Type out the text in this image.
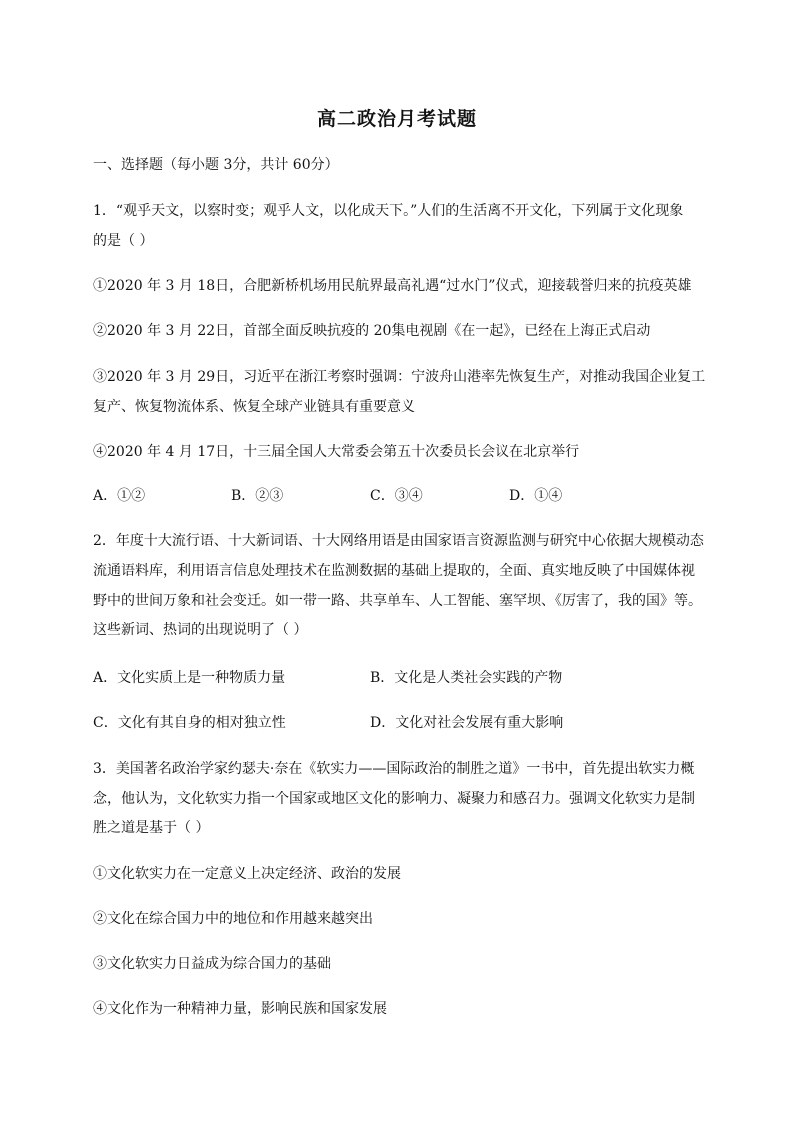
高二政治月考试题
一、选择题（每小题 3分，共计 60分）
1．“观乎天文，以察时变；观乎人文，以化成天下。”人们的生活离不开文化，下列属于文化现象
的是（ ）
①2020 年 3 月 18日，合肥新桥机场用民航界最高礼遇“过水门”仪式，迎接载誉归来的抗疫英雄
②2020 年 3 月 22日，首部全面反映抗疫的 20集电视剧《在一起》，已经在上海正式启动
③2020 年 3 月 29日，习近平在浙江考察时强调：宁波舟山港率先恢复生产，对推动我国企业复工
复产、恢复物流体系、恢复全球产业链具有重要意义
④2020 年 4 月 17日，十三届全国人大常委会第五十次委员长会议在北京举行
A．①②	B．②③	C．③④	D．①④
2．年度十大流行语、十大新词语、十大网络用语是由国家语言资源监测与研究中心依据大规模动态
流通语料库，利用语言信息处理技术在监测数据的基础上提取的，全面、真实地反映了中国媒体视
野中的世间万象和社会变迁。如一带一路、共享单车、人工智能、塞罕坝、《厉害了，我的国》等。
这些新词、热词的出现说明了（ ）
A．文化实质上是一种物质力量	B．文化是人类社会实践的产物
C．文化有其自身的相对独立性	D．文化对社会发展有重大影响
3．美国著名政治学家约瑟夫·奈在《软实力——国际政治的制胜之道》一书中，首先提出软实力概
念，他认为，文化软实力指一个国家或地区文化的影响力、凝聚力和感召力。强调文化软实力是制
胜之道是基于（ ）
①文化软实力在一定意义上决定经济、政治的发展
②文化在综合国力中的地位和作用越来越突出
③文化软实力日益成为综合国力的基础
④文化作为一种精神力量，影响民族和国家发展
